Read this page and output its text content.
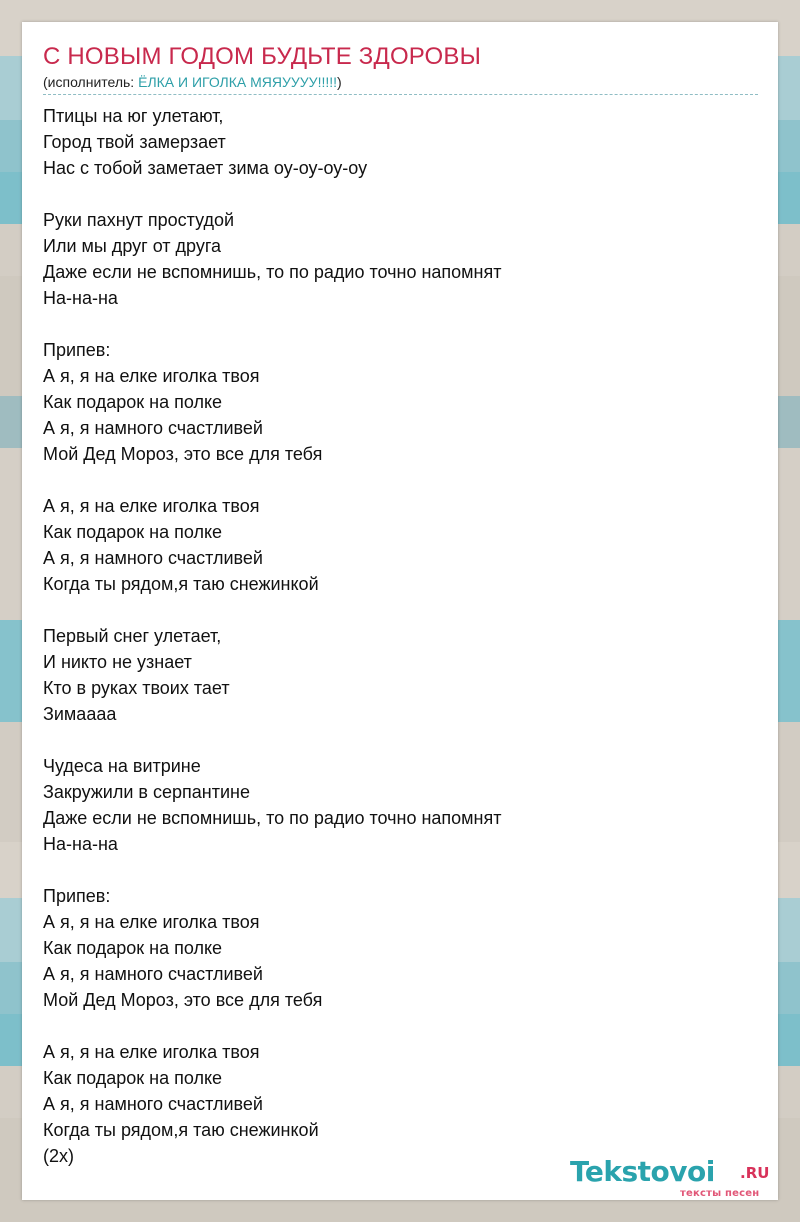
С НОВЫМ ГОДОМ БУДЬТЕ ЗДОРОВЫ
(исполнитель: ЁЛКА И ИГОЛКА МЯЯУУУУ!!!!!)
Птицы на юг улетают,
Город твой замерзает
Нас с тобой заметает зима оу-оу-оу-оу
Руки пахнут простудой
Или мы друг от друга
Даже если не вспомнишь, то по радио точно напомнят
На-на-на
Припев:
А я, я на елке иголка твоя
Как подарок на полке
А я, я намного счастливей
Мой Дед Мороз, это все для тебя
А я, я на елке иголка твоя
Как подарок на полке
А я, я намного счастливей
Когда ты рядом,я таю снежинкой
Первый снег улетает,
И никто не узнает
Кто в руках твоих тает
Зимаааа
Чудеса на витрине
Закружили в серпантине
Даже если не вспомнишь, то по радио точно напомнят
На-на-на
Припев:
А я, я на елке иголка твоя
Как подарок на полке
А я, я намного счастливей
Мой Дед Мороз, это все для тебя
А я, я на елке иголка твоя
Как подарок на полке
А я, я намного счастливей
Когда ты рядом,я таю снежинкой
(2х)	Tekstovoi .RU
тексты песен
